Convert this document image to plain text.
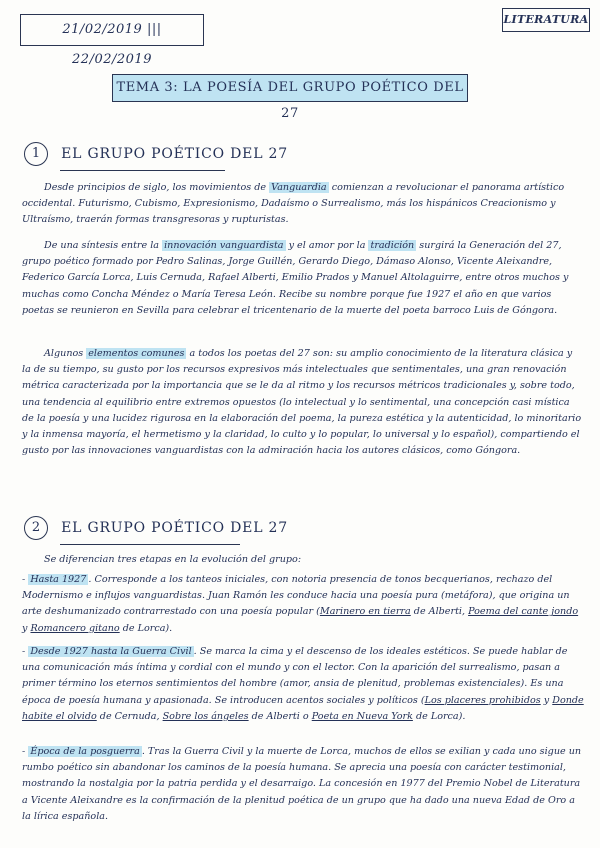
21/02/2019 ||| 22/02/2019
LITERATURA
TEMA 3: LA POESÍA DEL GRUPO POÉTICO DEL 27
1 EL GRUPO POÉTICO DEL 27
Desde principios de siglo, los movimientos de Vanguardia comienzan a revolucionar el panorama artístico occidental. Futurismo, Cubismo, Expresionismo, Dadaísmo o Surrealismo, más los hispánicos Creacionismo y Ultraísmo, traerán formas transgresoras y rupturistas.
De una síntesis entre la innovación vanguardista y el amor por la tradición surgirá la Generación del 27, grupo poético formado por Pedro Salinas, Jorge Guillén, Gerardo Diego, Dámaso Alonso, Vicente Aleixandre, Federico García Lorca, Luis Cernuda, Rafael Alberti, Emilio Prados y Manuel Altolaguirre, entre otros muchos y muchas como Concha Méndez o María Teresa León. Recibe su nombre porque fue 1927 el año en que varios poetas se reunieron en Sevilla para celebrar el tricentenario de la muerte del poeta barroco Luis de Góngora.
Algunos elementos comunes a todos los poetas del 27 son: su amplio conocimiento de la literatura clásica y la de su tiempo, su gusto por los recursos expresivos más intelectuales que sentimentales, una gran renovación métrica caracterizada por la importancia que se le da al ritmo y los recursos métricos tradicionales y, sobre todo, una tendencia al equilibrio entre extremos opuestos (lo intelectual y lo sentimental, una concepción casi mística de la poesía y una lucidez rigurosa en la elaboración del poema, la pureza estética y la autenticidad, lo minoritario y la inmensa mayoría, el hermetismo y la claridad, lo culto y lo popular, lo universal y lo español), compartiendo el gusto por las innovaciones vanguardistas con la admiración hacia los autores clásicos, como Góngora.
2 EL GRUPO POÉTICO DEL 27
Se diferencian tres etapas en la evolución del grupo:
- Hasta 1927 . Corresponde a los tanteos iniciales, con notoria presencia de tonos becquerianos, rechazo del Modernismo e influjos vanguardistas. Juan Ramón les conduce hacia una poesía pura (metáfora), que origina un arte deshumanizado contrarrestado con una poesía popular (Marinero en tierra de Alberti, Poema del cante jondo y Romancero gitano de Lorca).
- Desde 1927 hasta la Guerra Civil . Se marca la cima y el descenso de los ideales estéticos. Se puede hablar de una comunicación más íntima y cordial con el mundo y con el lector. Con la aparición del surrealismo, pasan a primer término los eternos sentimientos del hombre (amor, ansia de plenitud, problemas existenciales). Es una época de poesía humana y apasionada. Se introducen acentos sociales y políticos (Los placeres prohibidos y Donde habite el olvido de Cernuda, Sobre los ángeles de Alberti o Poeta en Nueva York de Lorca).
- Época de la posguerra . Tras la Guerra Civil y la muerte de Lorca, muchos de ellos se exilian y cada uno sigue un rumbo poético sin abandonar los caminos de la poesía humana. Se aprecia una poesía con carácter testimonial, mostrando la nostalgia por la patria perdida y el desarraigo. La concesión en 1977 del Premio Nobel de Literatura a Vicente Aleixandre es la confirmación de la plenitud poética de un grupo que ha dado una nueva Edad de Oro a la lírica española.
